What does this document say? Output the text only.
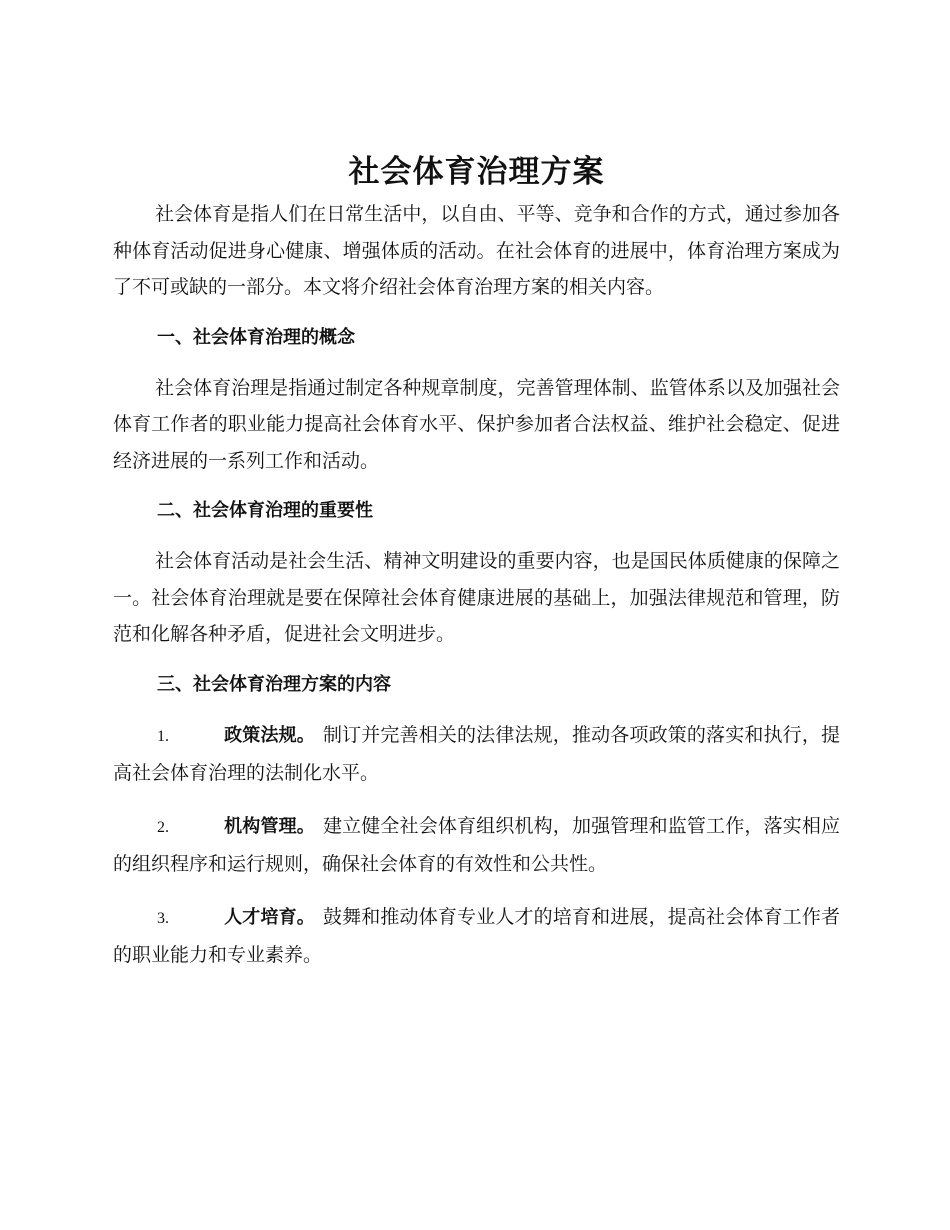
社会体育治理方案

社会体育是指人们在日常生活中，以自由、平等、竞争和合作的方式，通过参加各种体育活动促进身心健康、增强体质的活动。在社会体育的进展中，体育治理方案成为了不可或缺的一部分。本文将介绍社会体育治理方案的相关内容。

一、社会体育治理的概念

社会体育治理是指通过制定各种规章制度，完善管理体制、监管体系以及加强社会体育工作者的职业能力提高社会体育水平、保护参加者合法权益、维护社会稳定、促进经济进展的一系列工作和活动。

二、社会体育治理的重要性

社会体育活动是社会生活、精神文明建设的重要内容，也是国民体质健康的保障之一。社会体育治理就是要在保障社会体育健康进展的基础上，加强法律规范和管理，防范和化解各种矛盾，促进社会文明进步。

三、社会体育治理方案的内容

1.	政策法规。 制订并完善相关的法律法规，推动各项政策的落实和执行，提高社会体育治理的法制化水平。

2.	机构管理。 建立健全社会体育组织机构，加强管理和监管工作，落实相应的组织程序和运行规则，确保社会体育的有效性和公共性。

3.	人才培育。 鼓舞和推动体育专业人才的培育和进展，提高社会体育工作者的职业能力和专业素养。
